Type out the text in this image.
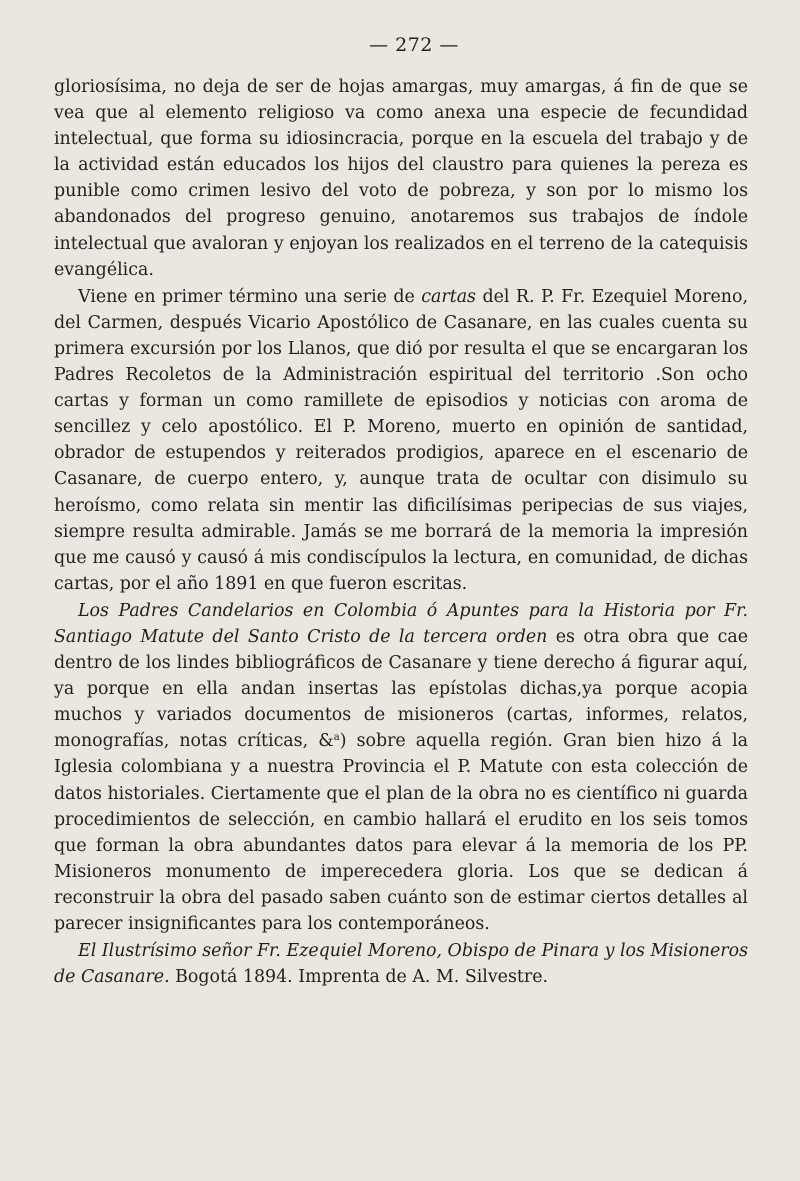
— 272 —

gloriosísima, no deja de ser de hojas amargas, muy amargas, á fin de que se vea que al elemento religioso va como anexa una especie de fecundidad intelectual, que forma su idiosincracia, porque en la escuela del trabajo y de la actividad están educados los hijos del claustro para quienes la pereza es punible como crimen lesivo del voto de pobreza, y son por lo mismo los abandonados del progreso genuino, anotaremos sus trabajos de índole intelectual que avaloran y enjoyan los realizados en el terreno de la catequisis evangélica.

Viene en primer término una serie de cartas del R. P. Fr. Ezequiel Moreno, del Carmen, después Vicario Apostólico de Casanare, en las cuales cuenta su primera excursión por los Llanos, que dió por resulta el que se encargaran los Padres Recoletos de la Administración espiritual del territorio .Son ocho cartas y forman un como ramillete de episodios y noticias con aroma de sencillez y celo apostólico. El P. Moreno, muerto en opinión de santidad, obrador de estupendos y reiterados prodigios, aparece en el escenario de Casanare, de cuerpo entero, y, aunque trata de ocultar con disimulo su heroísmo, como relata sin mentir las dificilísimas peripecias de sus viajes, siempre resulta admirable. Jamás se me borrará de la memoria la impresión que me causó y causó á mis condiscípulos la lectura, en comunidad, de dichas cartas, por el año 1891 en que fueron escritas.

Los Padres Candelarios en Colombia ó Apuntes para la Historia por Fr. Santiago Matute del Santo Cristo de la tercera orden es otra obra que cae dentro de los lindes bibliográficos de Casanare y tiene derecho á figurar aquí, ya porque en ella andan insertas las epístolas dichas,ya porque acopia muchos y variados documentos de misioneros (cartas, informes, relatos, monografías, notas críticas, &$^a$) sobre aquella región. Gran bien hizo á la Iglesia colombiana y a nuestra Provincia el P. Matute con esta colección de datos historiales. Ciertamente que el plan de la obra no es científico ni guarda procedimientos de selección, en cambio hallará el erudito en los seis tomos que forman la obra abundantes datos para elevar á la memoria de los PP. Misioneros monumento de imperecedera gloria. Los que se dedican á reconstruir la obra del pasado saben cuánto son de estimar ciertos detalles al parecer insignificantes para los contemporáneos.

El Ilustrísimo señor Fr. Ezequiel Moreno, Obispo de Pinara y los Misioneros de Casanare. Bogotá 1894. Imprenta de A. M. Silvestre.
